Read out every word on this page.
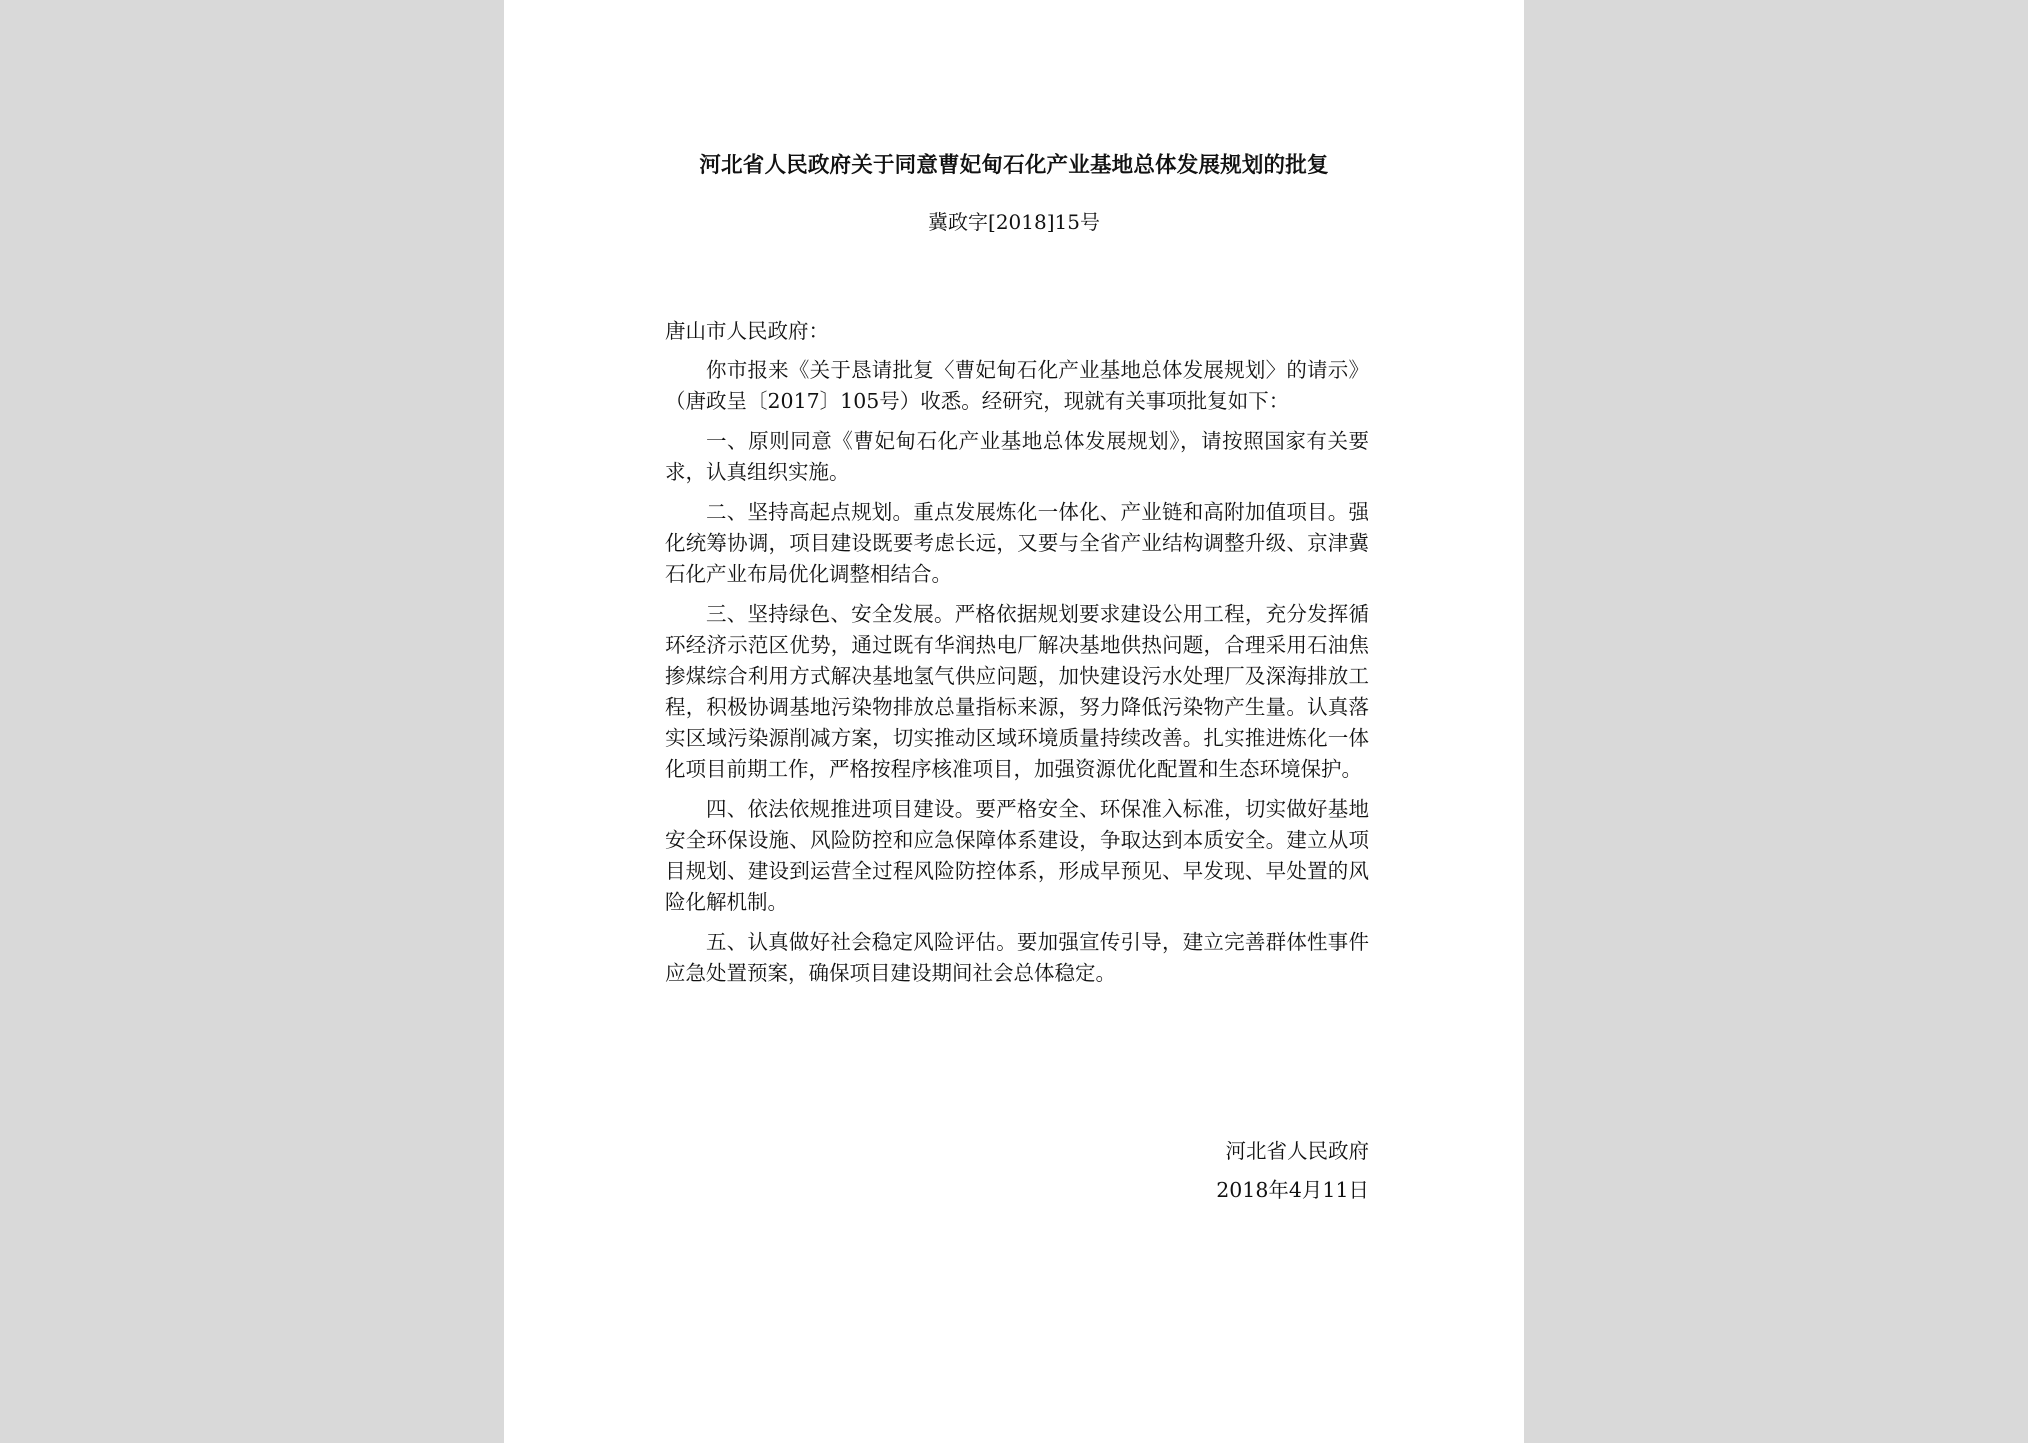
河北省人民政府关于同意曹妃甸石化产业基地总体发展规划的批复
冀政字[2018]15号

唐山市人民政府：

你市报来《关于恳请批复〈曹妃甸石化产业基地总体发展规划〉的请示》（唐政呈〔2017〕105号）收悉。经研究，现就有关事项批复如下：

一、原则同意《曹妃甸石化产业基地总体发展规划》，请按照国家有关要求，认真组织实施。

二、坚持高起点规划。重点发展炼化一体化、产业链和高附加值项目。强化统筹协调，项目建设既要考虑长远，又要与全省产业结构调整升级、京津冀石化产业布局优化调整相结合。

三、坚持绿色、安全发展。严格依据规划要求建设公用工程，充分发挥循环经济示范区优势，通过既有华润热电厂解决基地供热问题，合理采用石油焦掺煤综合利用方式解决基地氢气供应问题，加快建设污水处理厂及深海排放工程，积极协调基地污染物排放总量指标来源，努力降低污染物产生量。认真落实区域污染源削减方案，切实推动区域环境质量持续改善。扎实推进炼化一体化项目前期工作，严格按程序核准项目，加强资源优化配置和生态环境保护。

四、依法依规推进项目建设。要严格安全、环保准入标准，切实做好基地安全环保设施、风险防控和应急保障体系建设，争取达到本质安全。建立从项目规划、建设到运营全过程风险防控体系，形成早预见、早发现、早处置的风险化解机制。

五、认真做好社会稳定风险评估。要加强宣传引导，建立完善群体性事件应急处置预案，确保项目建设期间社会总体稳定。

河北省人民政府
2018年4月11日
